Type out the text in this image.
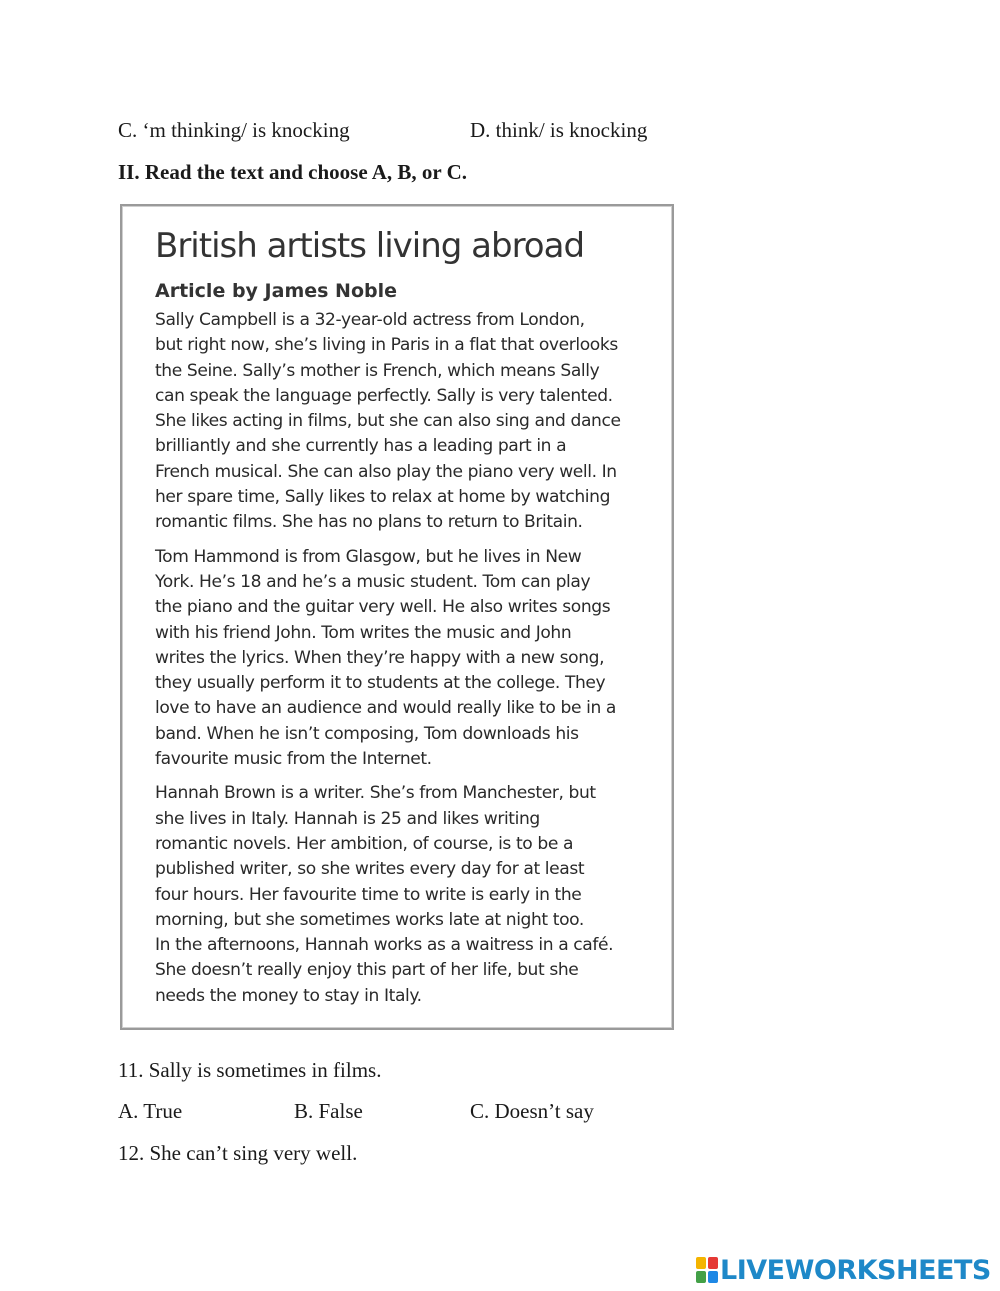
C. ‘m thinking/ is knocking	D. think/ is knocking
II. Read the text and choose A, B, or C.
British artists living abroad
Article by James Noble

Sally Campbell is a 32-year-old actress from London,
but right now, she’s living in Paris in a flat that overlooks
the Seine. Sally’s mother is French, which means Sally
can speak the language perfectly. Sally is very talented.
She likes acting in films, but she can also sing and dance
brilliantly and she currently has a leading part in a
French musical. She can also play the piano very well. In
her spare time, Sally likes to relax at home by watching
romantic films. She has no plans to return to Britain.

Tom Hammond is from Glasgow, but he lives in New
York. He’s 18 and he’s a music student. Tom can play
the piano and the guitar very well. He also writes songs
with his friend John. Tom writes the music and John
writes the lyrics. When they’re happy with a new song,
they usually perform it to students at the college. They
love to have an audience and would really like to be in a
band. When he isn’t composing, Tom downloads his
favourite music from the Internet.

Hannah Brown is a writer. She’s from Manchester, but
she lives in Italy. Hannah is 25 and likes writing
romantic novels. Her ambition, of course, is to be a
published writer, so she writes every day for at least
four hours. Her favourite time to write is early in the
morning, but she sometimes works late at night too.
In the afternoons, Hannah works as a waitress in a café.
She doesn’t really enjoy this part of her life, but she
needs the money to stay in Italy.

11. Sally is sometimes in films.
A. True	B. False	C. Doesn’t say
12. She can’t sing very well.
LIVEWORKSHEETS
